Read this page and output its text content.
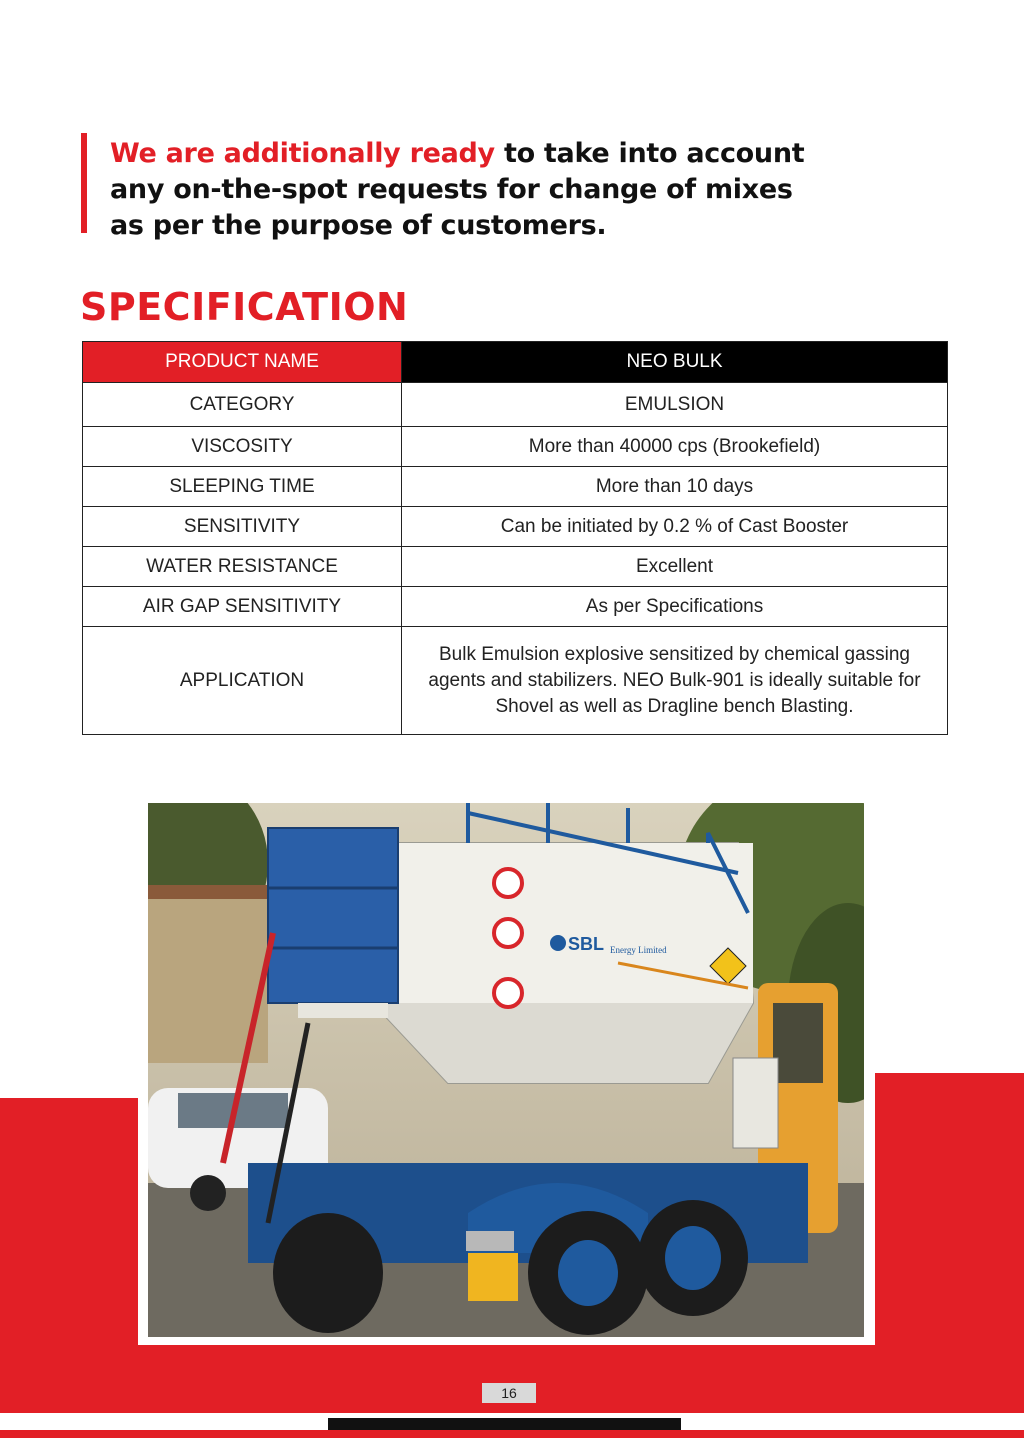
We are additionally ready to take into account
any on-the-spot requests for change of mixes
as per the purpose of customers.
SPECIFICATION
PRODUCT NAME	NEO BULK
CATEGORY	EMULSION
VISCOSITY	More than 40000 cps (Brookefield)
SLEEPING TIME	More than 10 days
SENSITIVITY	Can be initiated by 0.2 % of Cast Booster
WATER RESISTANCE	Excellent
AIR GAP SENSITIVITY	As per Specifications
APPLICATION	Bulk Emulsion explosive sensitized by chemical gassing agents and stabilizers. NEO Bulk-901 is ideally suitable for Shovel as well as Dragline bench Blasting.
SBL Energy Limited
16
